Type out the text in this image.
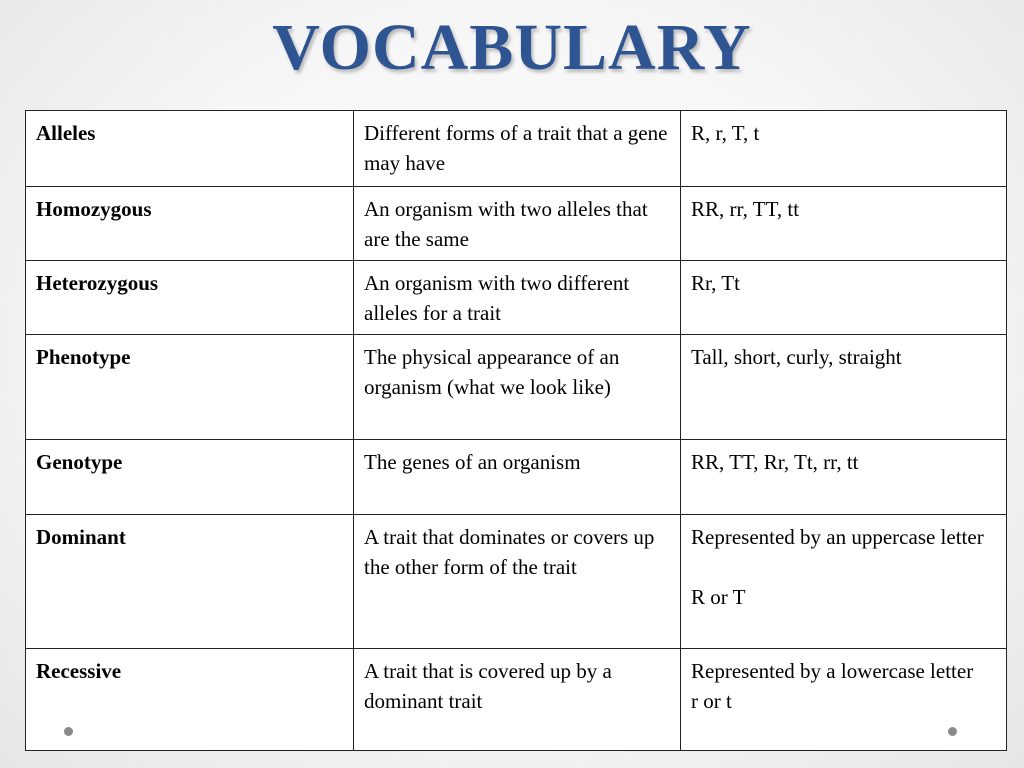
VOCABULARY
Alleles	Different forms of a trait that a gene may have	R, r, T, t
Homozygous	An organism with two alleles that are the same	RR, rr, TT, tt
Heterozygous	An organism with two different alleles for a trait	Rr, Tt
Phenotype	The physical appearance of an organism (what we look like)	Tall, short, curly, straight
Genotype	The genes of an organism	RR, TT, Rr, Tt, rr, tt
Dominant	A trait that dominates or covers up the other form of the trait	Represented by an uppercase letter

R or T
Recessive	A trait that is covered up by a dominant trait	Represented by a lowercase letter
r or t
